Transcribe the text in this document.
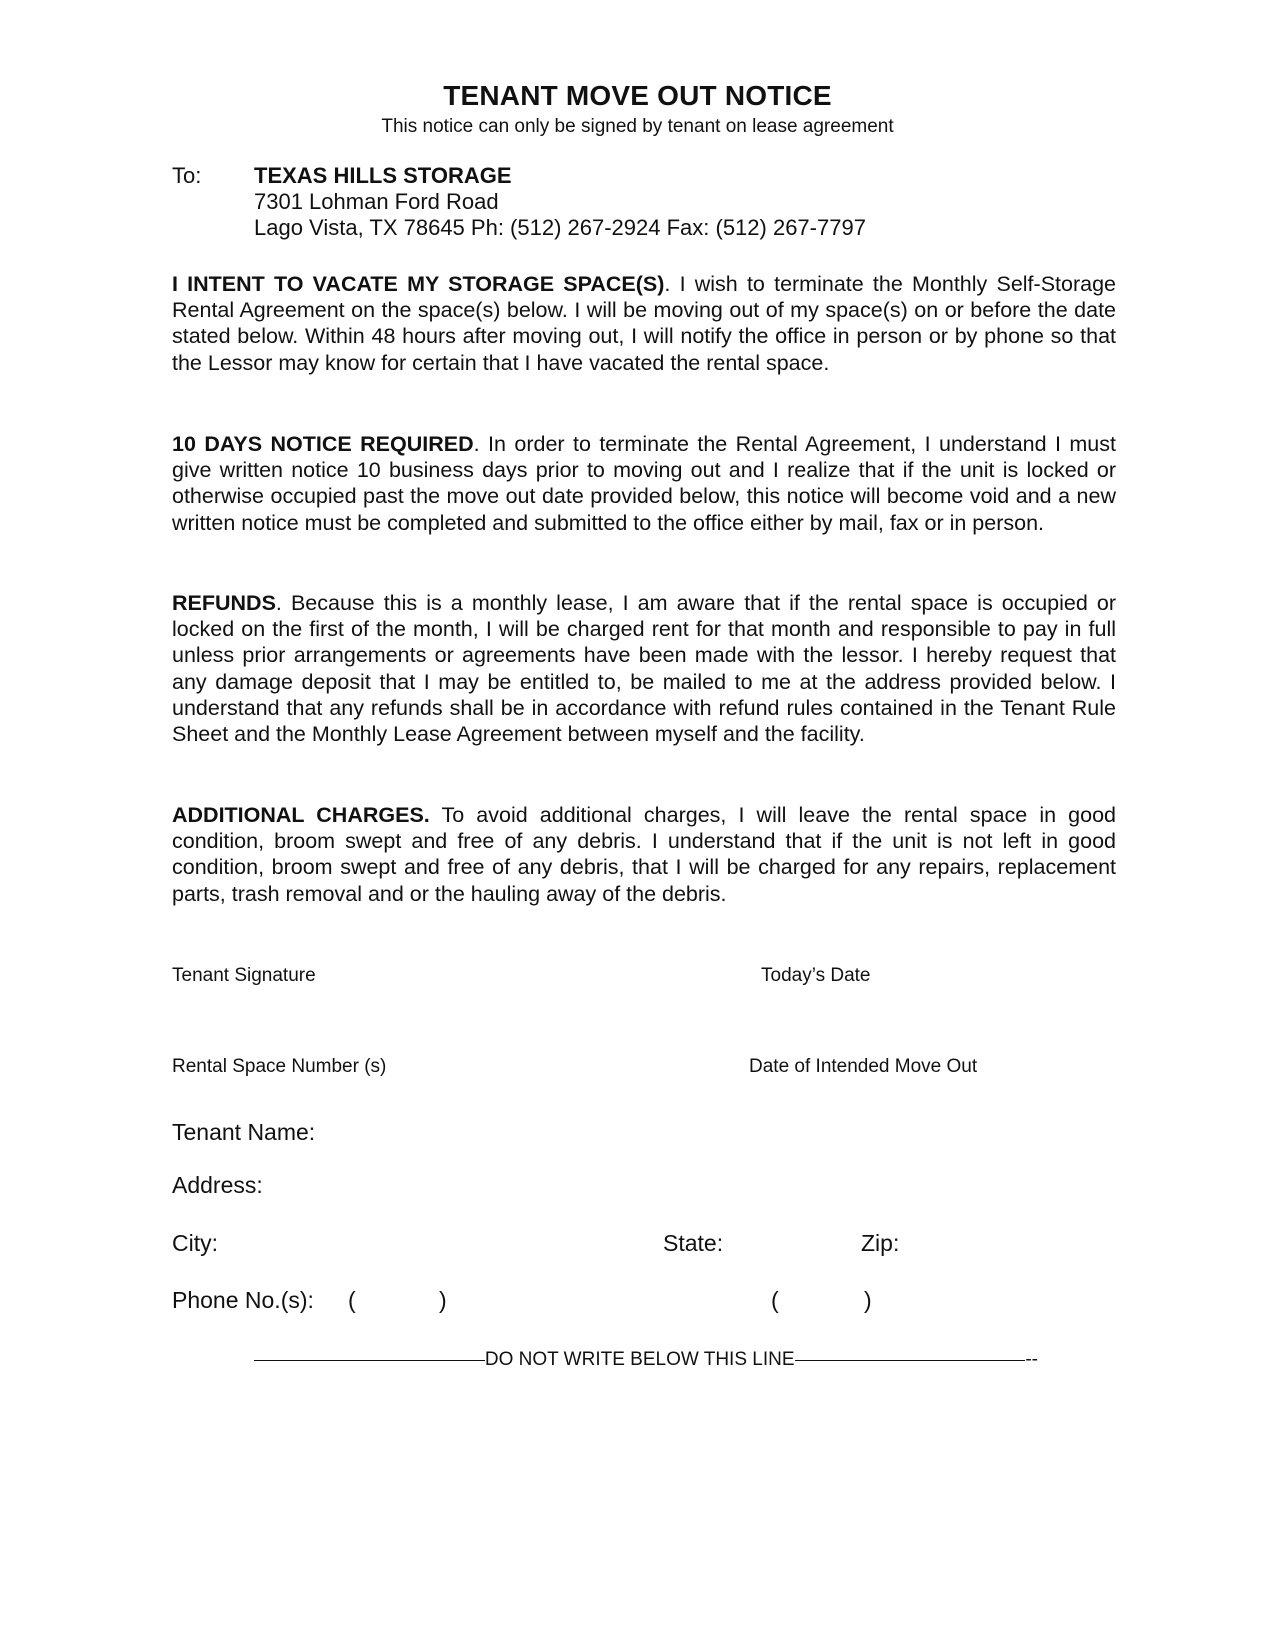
TENANT MOVE OUT NOTICE
This notice can only be signed by tenant on lease agreement
To:	TEXAS HILLS STORAGE
7301 Lohman Ford Road
Lago Vista, TX 78645 Ph: (512) 267-2924 Fax: (512) 267-7797

I INTENT TO VACATE MY STORAGE SPACE(S). I wish to terminate the Monthly Self-Storage Rental Agreement on the space(s) below. I will be moving out of my space(s) on or before the date stated below. Within 48 hours after moving out, I will notify the office in person or by phone so that the Lessor may know for certain that I have vacated the rental space.

10 DAYS NOTICE REQUIRED. In order to terminate the Rental Agreement, I understand I must give written notice 10 business days prior to moving out and I realize that if the unit is locked or otherwise occupied past the move out date provided below, this notice will become void and a new written notice must be completed and submitted to the office either by mail, fax or in person.

REFUNDS. Because this is a monthly lease, I am aware that if the rental space is occupied or locked on the first of the month, I will be charged rent for that month and responsible to pay in full unless prior arrangements or agreements have been made with the lessor. I hereby request that any damage deposit that I may be entitled to, be mailed to me at the address provided below. I understand that any refunds shall be in accordance with refund rules contained in the Tenant Rule Sheet and the Monthly Lease Agreement between myself and the facility.

ADDITIONAL CHARGES. To avoid additional charges, I will leave the rental space in good condition, broom swept and free of any debris. I understand that if the unit is not left in good condition, broom swept and free of any debris, that I will be charged for any repairs, replacement parts, trash removal and or the hauling away of the debris.

Tenant Signature	Today’s Date
Rental Space Number (s)	Date of Intended Move Out
Tenant Name:
Address:
City:	State:	Zip:
Phone No.(s): (	)	(	)
DO NOT WRITE BELOW THIS LINE	--
